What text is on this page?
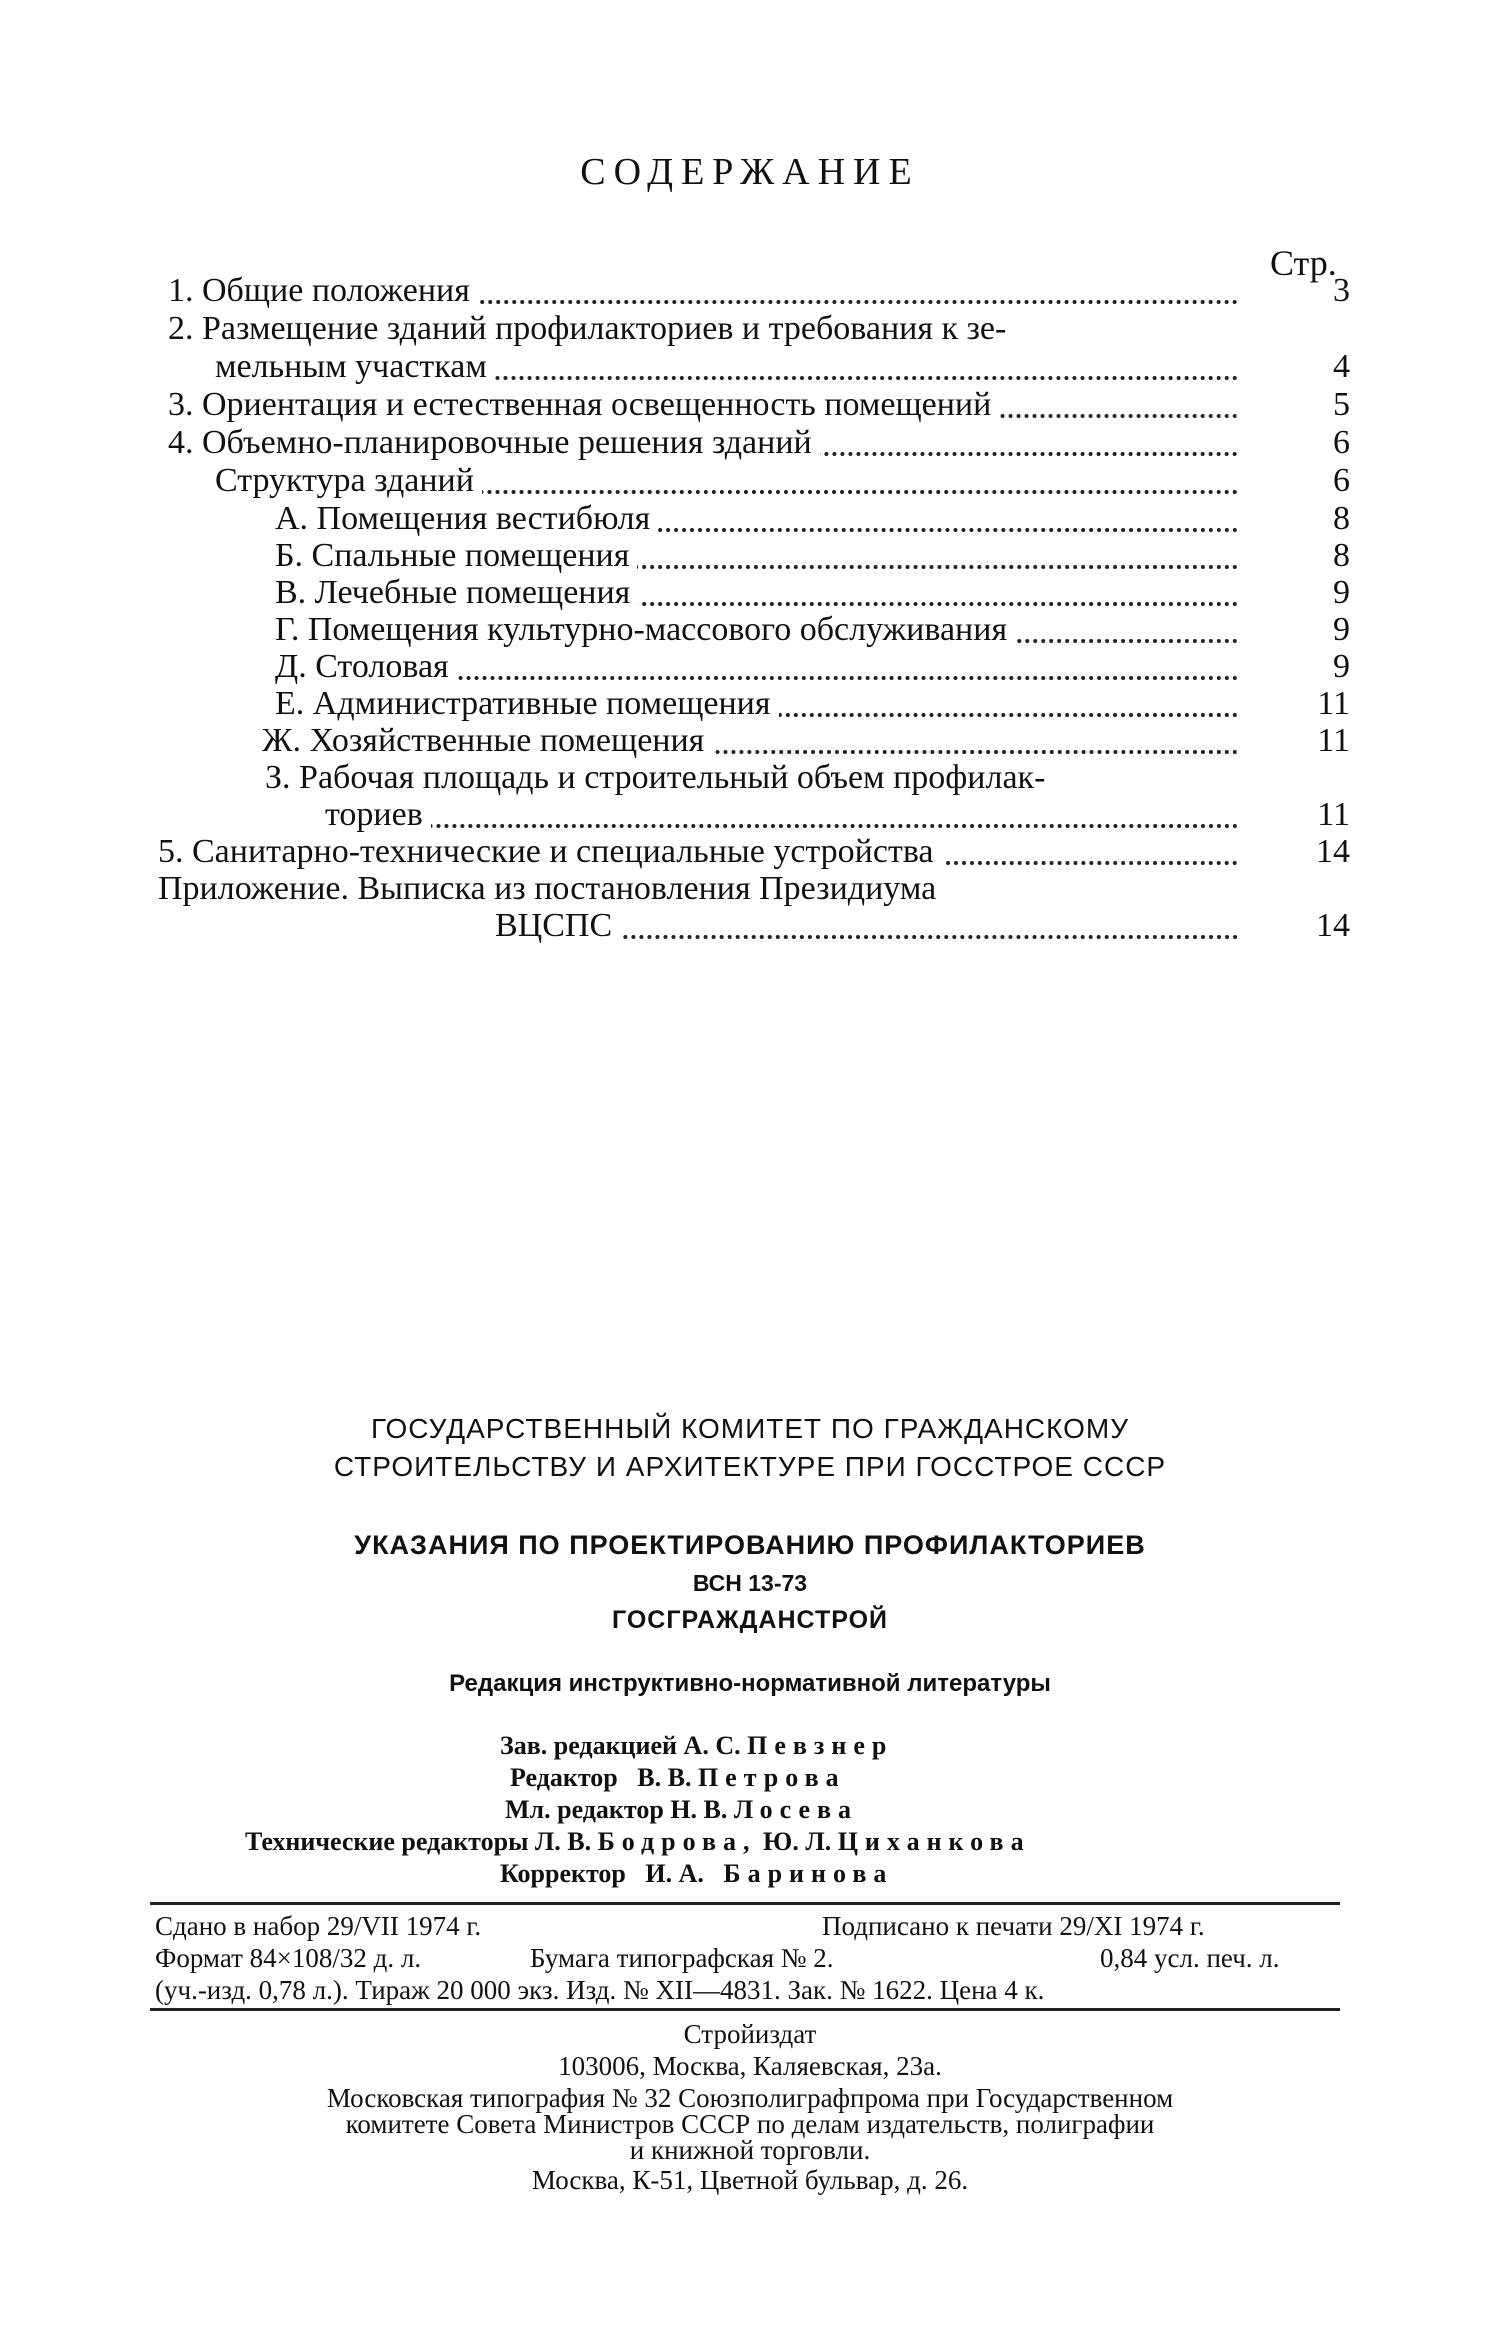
СОДЕРЖАНИЕ
Стр.
1. Общие положения	3
2. Размещение зданий профилакториев и требования к зе-
мельным участкам	4
3. Ориентация и естественная освещенность помещений	5
4. Объемно-планировочные решения зданий	6
Структура зданий	6
А. Помещения вестибюля	8
Б. Спальные помещения	8
В. Лечебные помещения	9
Г. Помещения культурно-массового обслуживания	9
Д. Столовая	9
Е. Административные помещения	11
Ж. Хозяйственные помещения	11
З. Рабочая площадь и строительный объем профилак-
ториев	11
5. Санитарно-технические и специальные устройства	14
Приложение. Выписка из постановления Президиума
ВЦСПС	14
ГОСУДАРСТВЕННЫЙ КОМИТЕТ ПО ГРАЖДАНСКОМУ
СТРОИТЕЛЬСТВУ И АРХИТЕКТУРЕ ПРИ ГОССТРОЕ СССР
УКАЗАНИЯ ПО ПРОЕКТИРОВАНИЮ ПРОФИЛАКТОРИЕВ
ВСН 13-73
ГОСГРАЖДАНСТРОЙ
Редакция инструктивно-нормативной литературы
Зав. редакцией А. С. Певзнер
Редактор В. В. Петрова
Мл. редактор Н. В. Лосева
Технические редакторы Л. В. Бодрова, Ю. Л. Циханкова
Корректор И. А. Баринова
Сдано в набор 29/VII 1974 г.	Подписано к печати 29/XI 1974 г.
Формат 84×108/32 д. л.	Бумага типографская № 2.	0,84 усл. печ. л.
(уч.-изд. 0,78 л.). Тираж 20 000 экз. Изд. № XII—4831. Зак. № 1622. Цена 4 к.
Стройиздат
103006, Москва, Каляевская, 23а.
Московская типография № 32 Союзполиграфпрома при Государственном
комитете Совета Министров СССР по делам издательств, полиграфии
и книжной торговли.
Москва, К-51, Цветной бульвар, д. 26.
